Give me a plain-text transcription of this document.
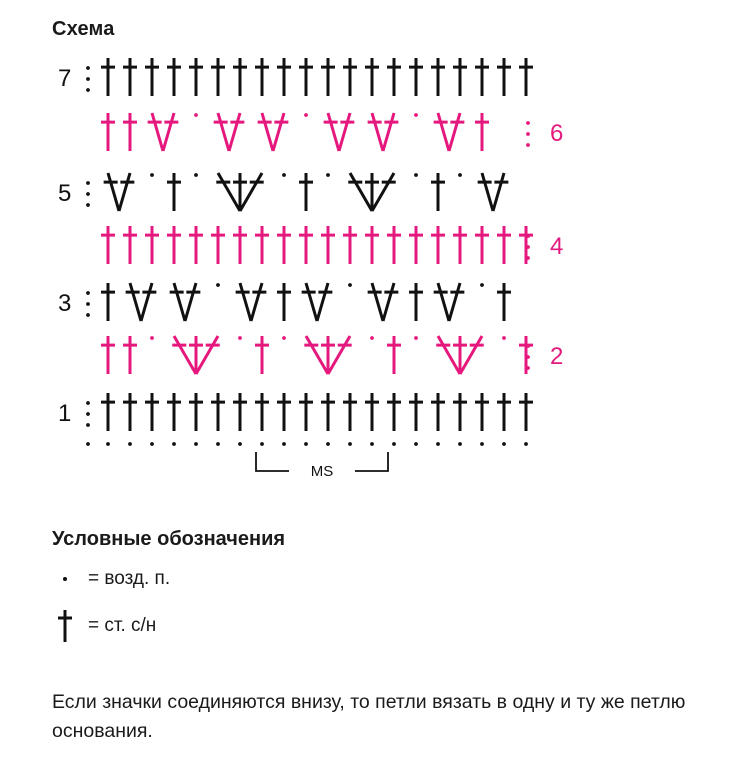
Схема
7
6
5
4
3
2
1
MS
Условные обозначения
= возд. п.
= ст. с/н
Если значки соединяются внизу, то петли вязать в одну и ту же петлю основания.
